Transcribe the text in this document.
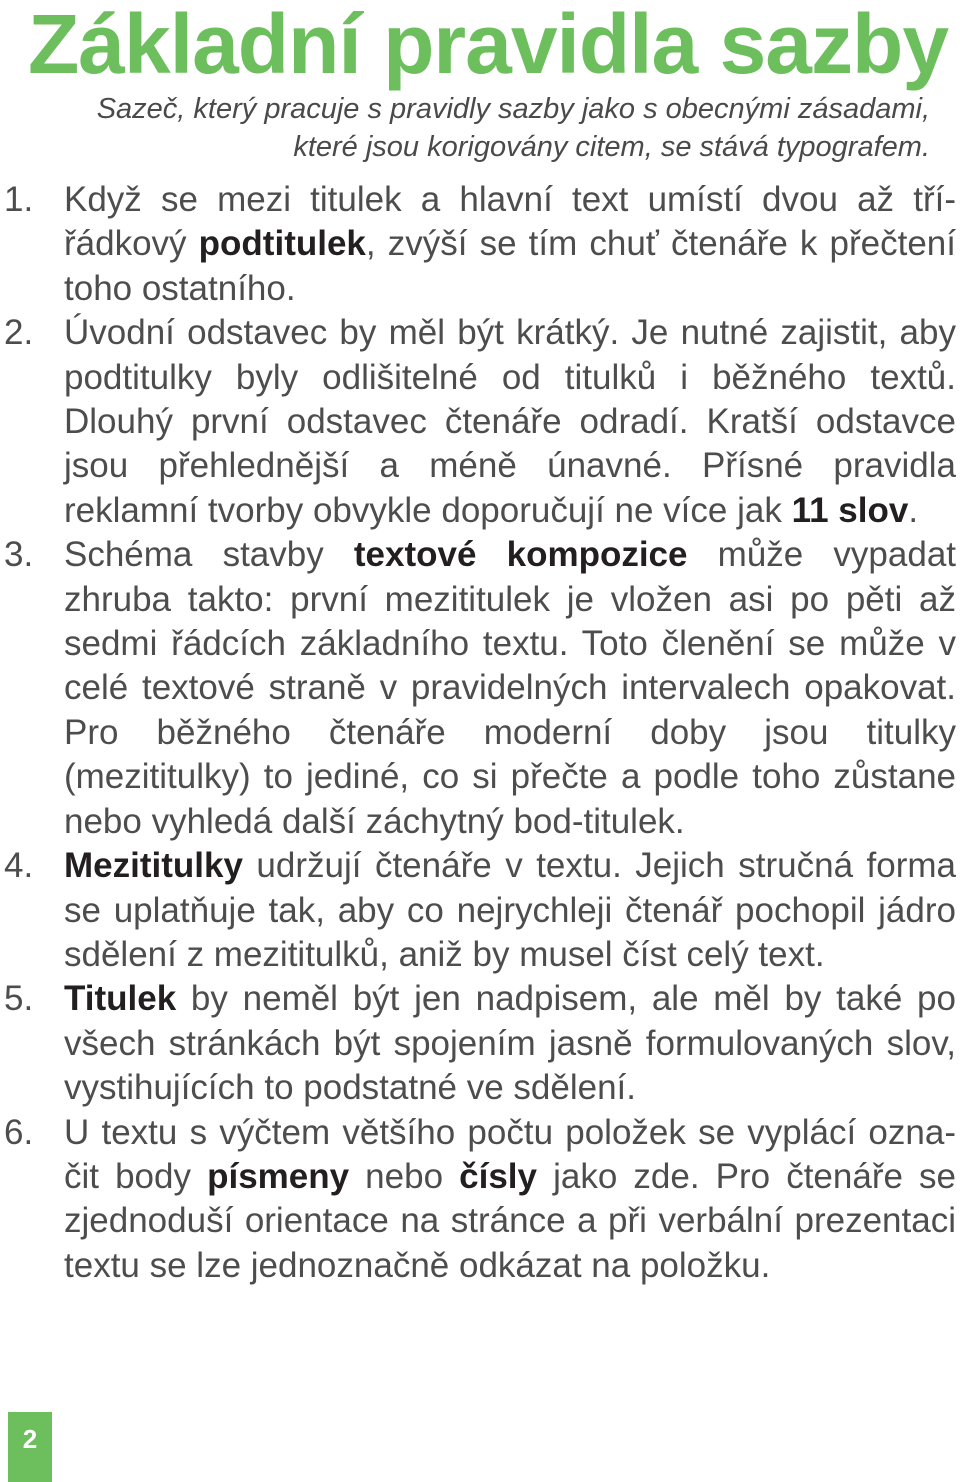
Základní pravidla sazby
Sazeč, který pracuje s pravidly sazby jako s obecnými zásadami,
které jsou korigovány citem, se stává typografem.
1. Když se mezi titulek a hlavní text umístí dvou až třířádkový podtitulek, zvýší se tím chuť čtenáře k přečtení toho ostatního.
2. Úvodní odstavec by měl být krátký. Je nutné zajistit, aby podtitulky byly odlišitelné od titulků i běžného textů. Dlouhý první odstavec čtenáře odradí. Kratší odstavce jsou přehlednější a méně únavné. Přísné pravidla reklamní tvorby obvykle doporučují ne více jak 11 slov.
3. Schéma stavby textové kompozice může vypadat zhruba takto: první mezititulek je vložen asi po pěti až sedmi řádcích základního textu. Toto členění se může v celé textové straně v pravidelných intervalech opakovat. Pro běžného čtenáře moderní doby jsou titulky (mezititulky) to jediné, co si přečte a podle toho zůstane nebo vyhledá další záchytný bod-titulek.
4. Mezititulky udržují čtenáře v textu. Jejich stručná forma se uplatňuje tak, aby co nejrychleji čtenář pochopil jádro sdělení z mezititulků, aniž by musel číst celý text.
5. Titulek by neměl být jen nadpisem, ale měl by také po všech stránkách být spojením jasně formulovaných slov, vystihujících to podstatné ve sdělení.
6. U textu s výčtem většího počtu položek se vyplácí označit body písmeny nebo čísly jako zde. Pro čtenáře se zjednoduší orientace na stránce a při verbální prezentaci textu se lze jednoznačně odkázat na položku.
2
